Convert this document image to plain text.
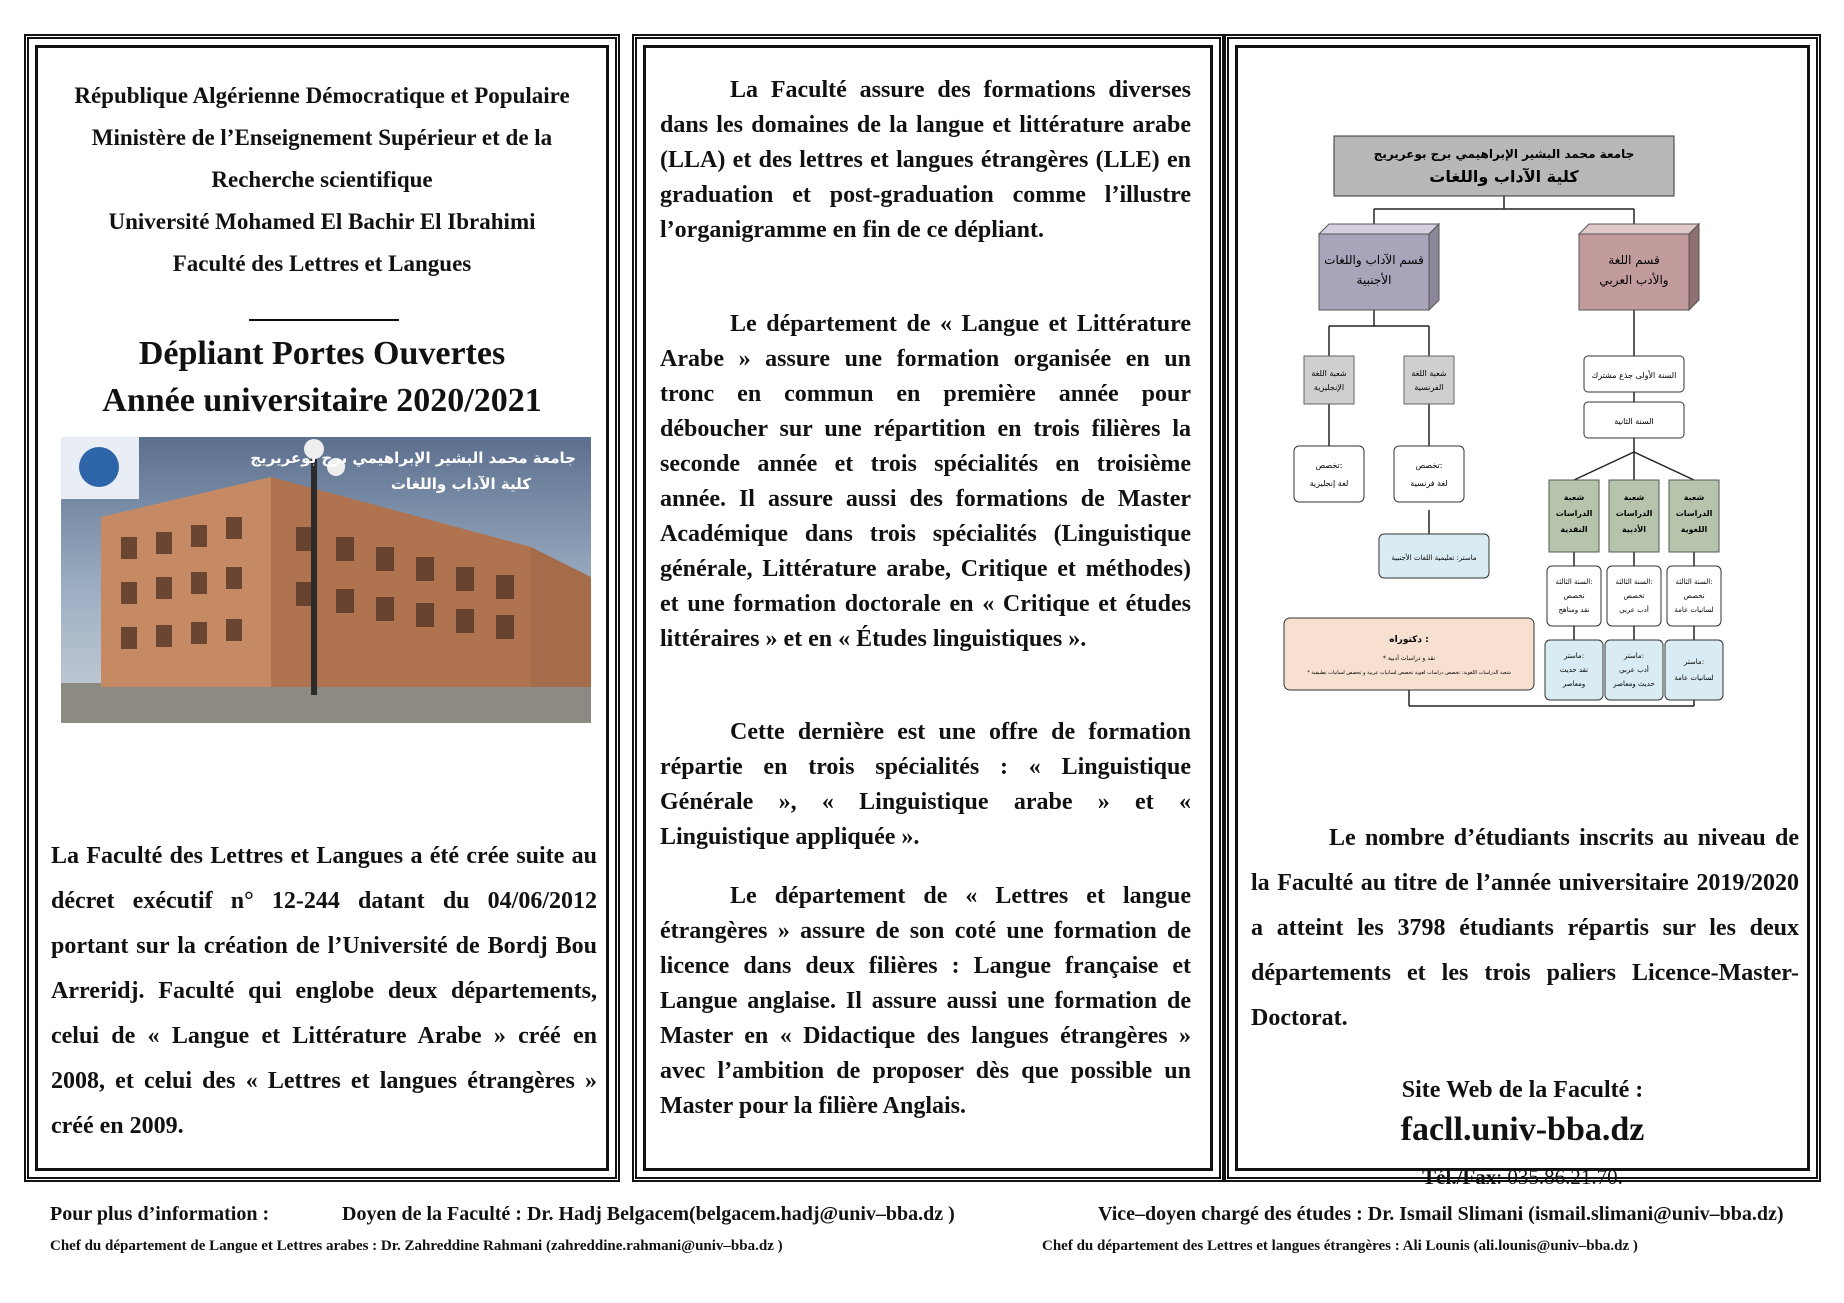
République Algérienne Démocratique et Populaire
Ministère de l’Enseignement Supérieur et de la
Recherche scientifique
Université Mohamed El Bachir El Ibrahimi
Faculté des Lettres et Langues
Dépliant Portes Ouvertes
Année universitaire 2020/2021
جامعة محمد البشير الإبراهيمي برج بوعريريج
كلية الآداب واللغات

La Faculté des Lettres et Langues a été crée suite au décret exécutif n° 12-244 datant du 04/06/2012 portant sur la création de l’Université de Bordj Bou Arreridj. Faculté qui englobe deux départements, celui de « Langue et Littérature Arabe » créé en 2008, et celui des « Lettres et langues étrangères » créé en 2009.

La Faculté assure des formations diverses dans les domaines de la langue et littérature arabe (LLA) et des lettres et langues étrangères (LLE) en graduation et post-graduation comme l’illustre l’organigramme en fin de ce dépliant.

Le département de « Langue et Littérature Arabe » assure une formation organisée en un tronc en commun en première année pour déboucher sur une répartition en trois filières la seconde année et trois spécialités en troisième année. Il assure aussi des formations de Master Académique dans trois spécialités (Linguistique générale, Littérature arabe, Critique et méthodes) et une formation doctorale en « Critique et études littéraires » et en « Études linguistiques ».

Cette dernière est une offre de formation répartie en trois spécialités : « Linguistique Générale », « Linguistique arabe » et « Linguistique appliquée ».

Le département de « Lettres et langue étrangères » assure de son coté une formation de licence dans deux filières : Langue française et Langue anglaise. Il assure aussi une formation de Master en « Didactique des langues étrangères » avec l’ambition de proposer dès que possible un Master pour la filière Anglais.

جامعة محمد البشير الإبراهيمي برج بوعريريج
كلية الآداب واللغات
قسم الآداب واللغات
الأجنبية
قسم اللغة
والأدب العربي
شعبة اللغة
الإنجليزية
شعبة اللغة
الفرنسية
تخصص:
لغة إنجليزية
تخصص:
لغة فرنسية
ماستر: تعليمية اللغات الأجنبية
السنة الأولى جذع مشترك
السنة الثانية
شعبة
الدراسات
النقدية
شعبة
الدراسات
الأدبية
شعبة
الدراسات
اللغوية
السنة الثالثة:
تخصص
نقد ومناهج
السنة الثالثة:
تخصص
أدب عربي
السنة الثالثة:
تخصص
لسانيات عامة
دكتوراه :
* نقد و دراسات أدبية
* شعبة الدراسات اللغوية: تخصص دراسات لغوية تخصص لسانيات عربية و تخصص لسانيات تطبيقية
ماستر:
نقد حديث
ومعاصر
ماستر:
أدب عربي
حديث ومعاصر
ماستر:
لسانيات عامة

Le nombre d’étudiants inscrits au niveau de la Faculté au titre de l’année universitaire 2019/2020 a atteint les 3798 étudiants répartis sur les deux départements et les trois paliers Licence-Master-Doctorat.

Site Web de la Faculté :
facll.univ-bba.dz
Tél./Fax: 035.86.21.70.
Pour plus d’information :	Doyen de la Faculté : Dr. Hadj Belgacem(belgacem.hadj@univ–bba.dz )	Vice–doyen chargé des études : Dr. Ismail Slimani (ismail.slimani@univ–bba.dz)
Chef du département de Langue et Lettres arabes : Dr. Zahreddine Rahmani (zahreddine.rahmani@univ–bba.dz )	Chef du département des Lettres et langues étrangères : Ali Lounis (ali.lounis@univ–bba.dz )
